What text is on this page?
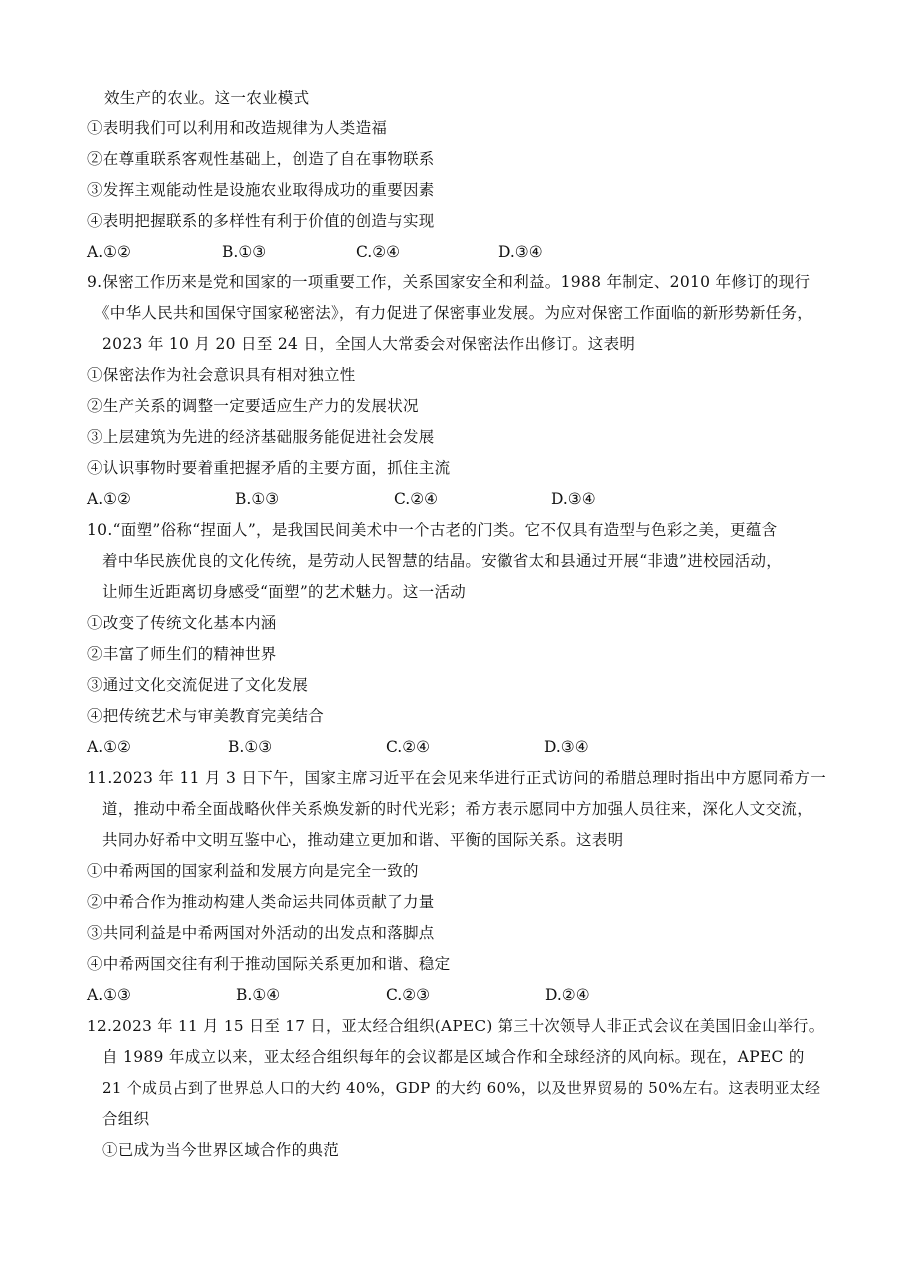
效生产的农业。这一农业模式
①表明我们可以利用和改造规律为人类造福
②在尊重联系客观性基础上，创造了自在事物联系
③发挥主观能动性是设施农业取得成功的重要因素
④表明把握联系的多样性有利于价值的创造与实现
A.①②	B.①③	C.②④	D.③④
9.保密工作历来是党和国家的一项重要工作，关系国家安全和利益。1988 年制定、2010 年修订的现行
《中华人民共和国保守国家秘密法》，有力促进了保密事业发展。为应对保密工作面临的新形势新任务，
2023 年 10 月 20 日至 24 日，全国人大常委会对保密法作出修订。这表明
①保密法作为社会意识具有相对独立性
②生产关系的调整一定要适应生产力的发展状况
③上层建筑为先进的经济基础服务能促进社会发展
④认识事物时要着重把握矛盾的主要方面，抓住主流
A.①②	B.①③	C.②④	D.③④
10.“面塑”俗称“捏面人”，是我国民间美术中一个古老的门类。它不仅具有造型与色彩之美，更蕴含
着中华民族优良的文化传统，是劳动人民智慧的结晶。安徽省太和县通过开展“非遗”进校园活动，
让师生近距离切身感受“面塑”的艺术魅力。这一活动
①改变了传统文化基本内涵
②丰富了师生们的精神世界
③通过文化交流促进了文化发展
④把传统艺术与审美教育完美结合
A.①②	B.①③	C.②④	D.③④
11.2023 年 11 月 3 日下午，国家主席习近平在会见来华进行正式访问的希腊总理时指出中方愿同希方一
道，推动中希全面战略伙伴关系焕发新的时代光彩；希方表示愿同中方加强人员往来，深化人文交流，
共同办好希中文明互鉴中心，推动建立更加和谐、平衡的国际关系。这表明
①中希两国的国家利益和发展方向是完全一致的
②中希合作为推动构建人类命运共同体贡献了力量
③共同利益是中希两国对外活动的出发点和落脚点
④中希两国交往有利于推动国际关系更加和谐、稳定
A.①③	B.①④	C.②③	D.②④
12.2023 年 11 月 15 日至 17 日，亚太经合组织(APEC) 第三十次领导人非正式会议在美国旧金山举行。
自 1989 年成立以来，亚太经合组织每年的会议都是区域合作和全球经济的风向标。现在，APEC 的
21 个成员占到了世界总人口的大约 40%，GDP 的大约 60%，以及世界贸易的 50%左右。这表明亚太经
合组织
①已成为当今世界区域合作的典范
